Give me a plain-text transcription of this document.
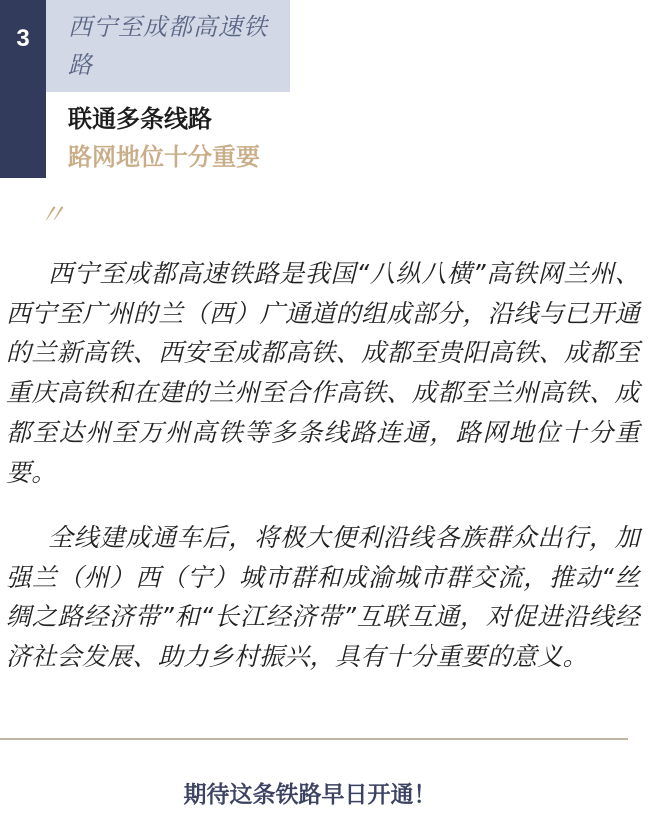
3	西宁至成都高速铁路
联通多条线路
路网地位十分重要
〃

西宁至成都高速铁路是我国“八纵八横”高铁网兰州、西宁至广州的兰（西）广通道的组成部分，沿线与已开通的兰新高铁、西安至成都高铁、成都至贵阳高铁、成都至重庆高铁和在建的兰州至合作高铁、成都至兰州高铁、成都至达州至万州高铁等多条线路连通，路网地位十分重要。

全线建成通车后，将极大便利沿线各族群众出行，加强兰（州）西（宁）城市群和成渝城市群交流，推动“丝绸之路经济带”和“长江经济带”互联互通，对促进沿线经济社会发展、助力乡村振兴，具有十分重要的意义。

期待这条铁路早日开通！
